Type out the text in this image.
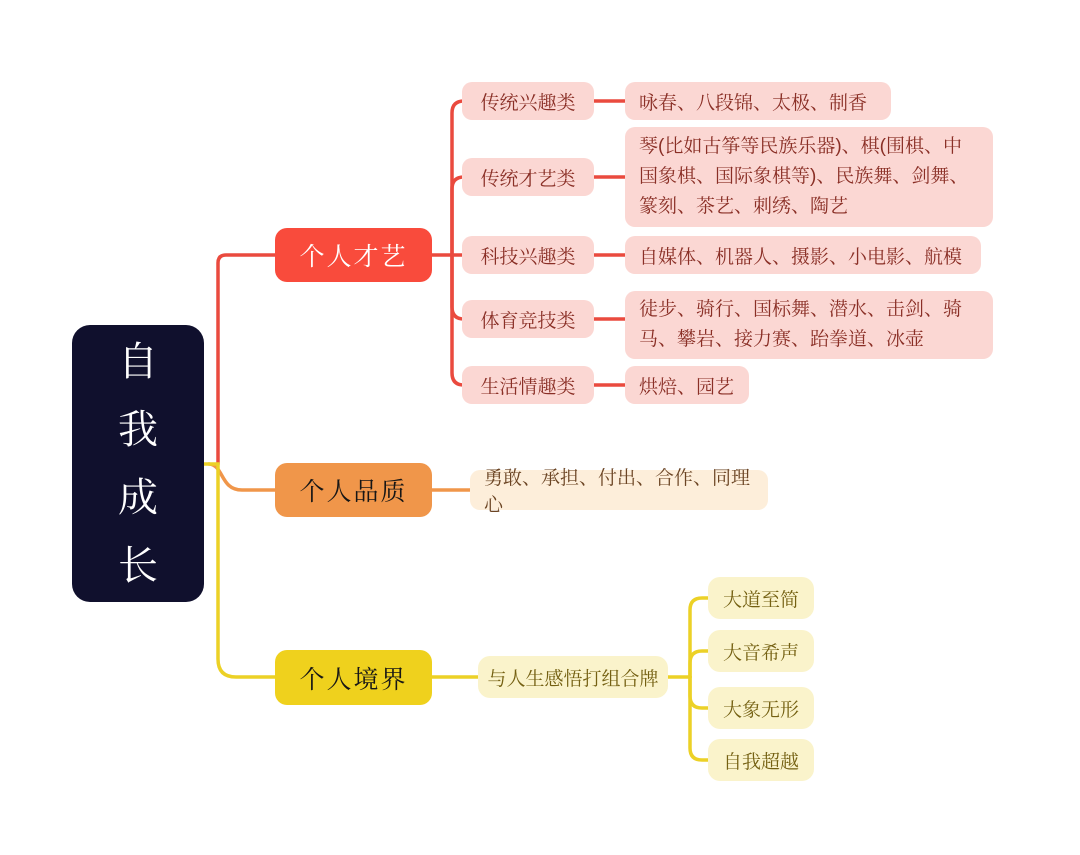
自我成长
个人才艺
个人品质
个人境界
传统兴趣类
传统才艺类
科技兴趣类
体育竞技类
生活情趣类
咏春、八段锦、太极、制香
琴(比如古筝等民族乐器)、棋(围棋、中国象棋、国际象棋等)、民族舞、剑舞、篆刻、茶艺、刺绣、陶艺
自媒体、机器人、摄影、小电影、航模
徒步、骑行、国标舞、潜水、击剑、骑马、攀岩、接力赛、跆拳道、冰壶
烘焙、园艺
勇敢、承担、付出、合作、同理心
与人生感悟打组合牌
大道至简
大音希声
大象无形
自我超越
